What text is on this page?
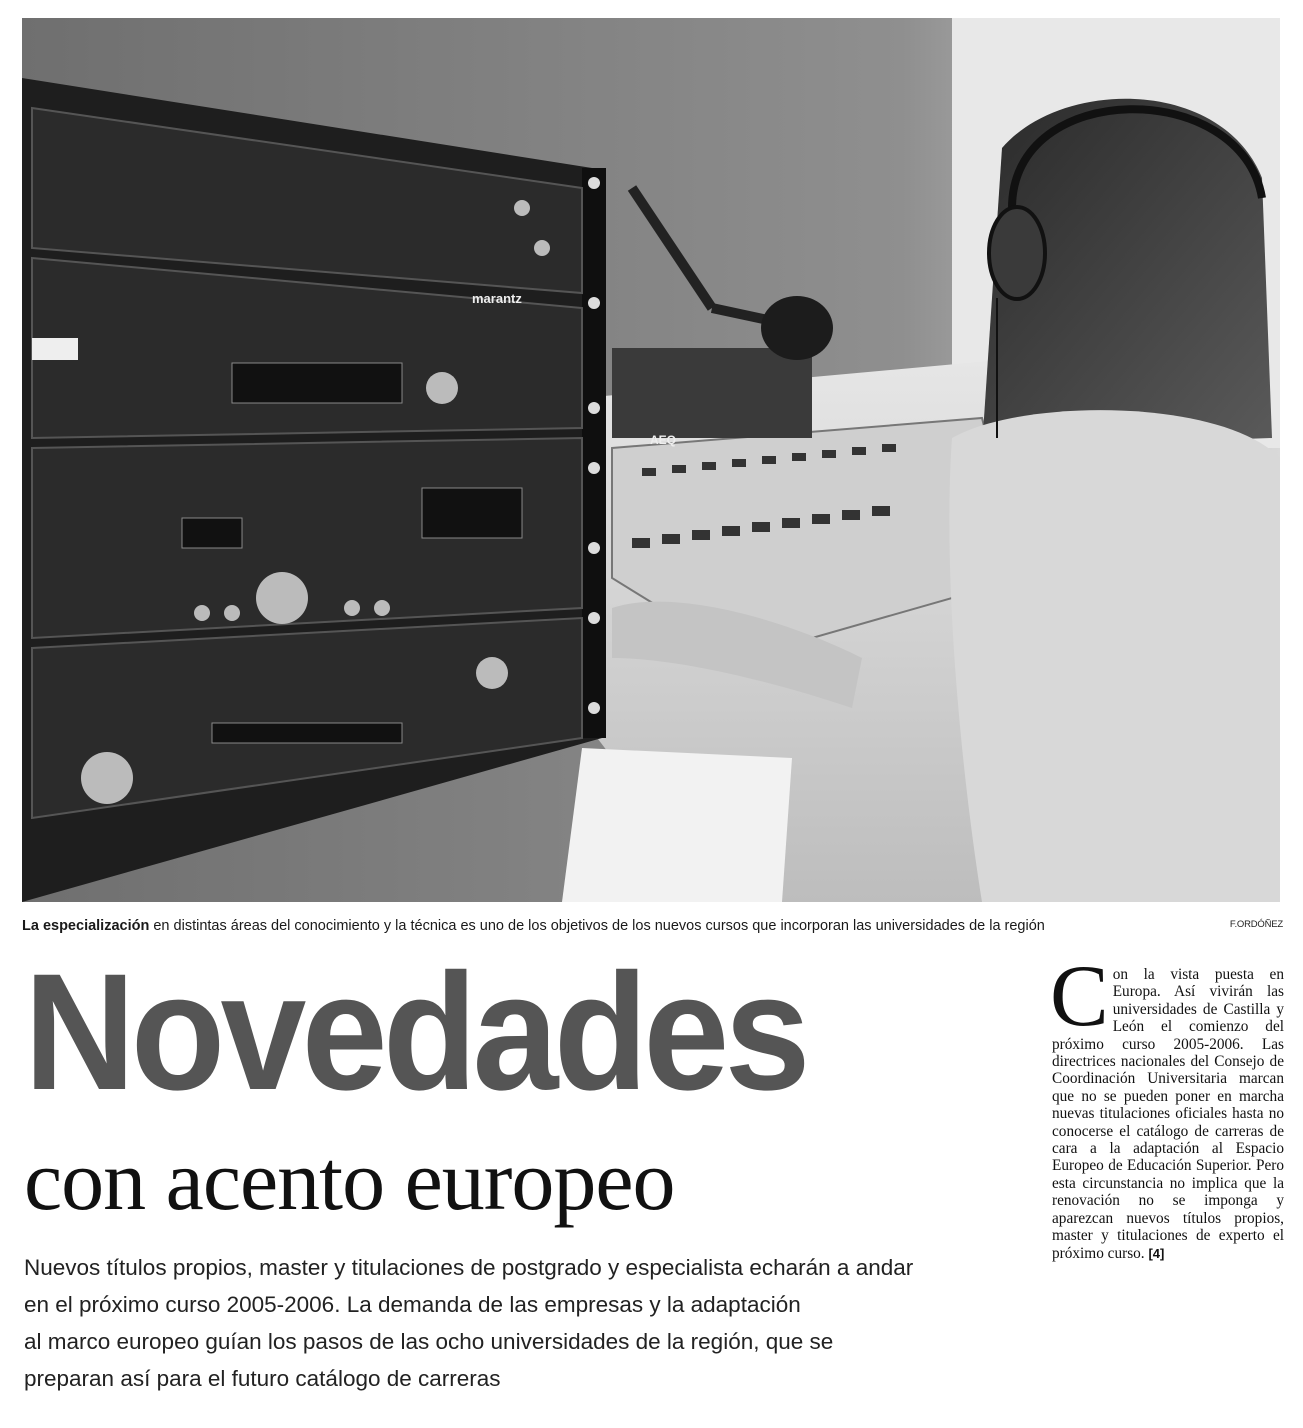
marantz
AEQ
La especialización en distintas áreas del conocimiento y la técnica es uno de los objetivos de los nuevos cursos que incorporan las universidades de la región	F.ORDÓÑEZ
Novedades
con acento europeo
Nuevos títulos propios, master y titulaciones de postgrado y especialista echarán a andar
en el próximo curso 2005-2006. La demanda de las empresas y la adaptación
al marco europeo guían los pasos de las ocho universidades de la región, que se
preparan así para el futuro catálogo de carreras
C on la vista puesta en Europa. Así vivirán las universidades de Castilla y León el comienzo del próximo curso 2005-2006. Las directrices nacionales del Consejo de Coordinación Universitaria marcan que no se pueden poner en marcha nuevas titulaciones oficiales hasta no conocerse el catálogo de carreras de cara a la adaptación al Espacio Europeo de Educación Superior. Pero esta circunstancia no implica que la renovación no se imponga y aparezcan nuevos títulos propios, master y titulaciones de experto el próximo curso. [4]
